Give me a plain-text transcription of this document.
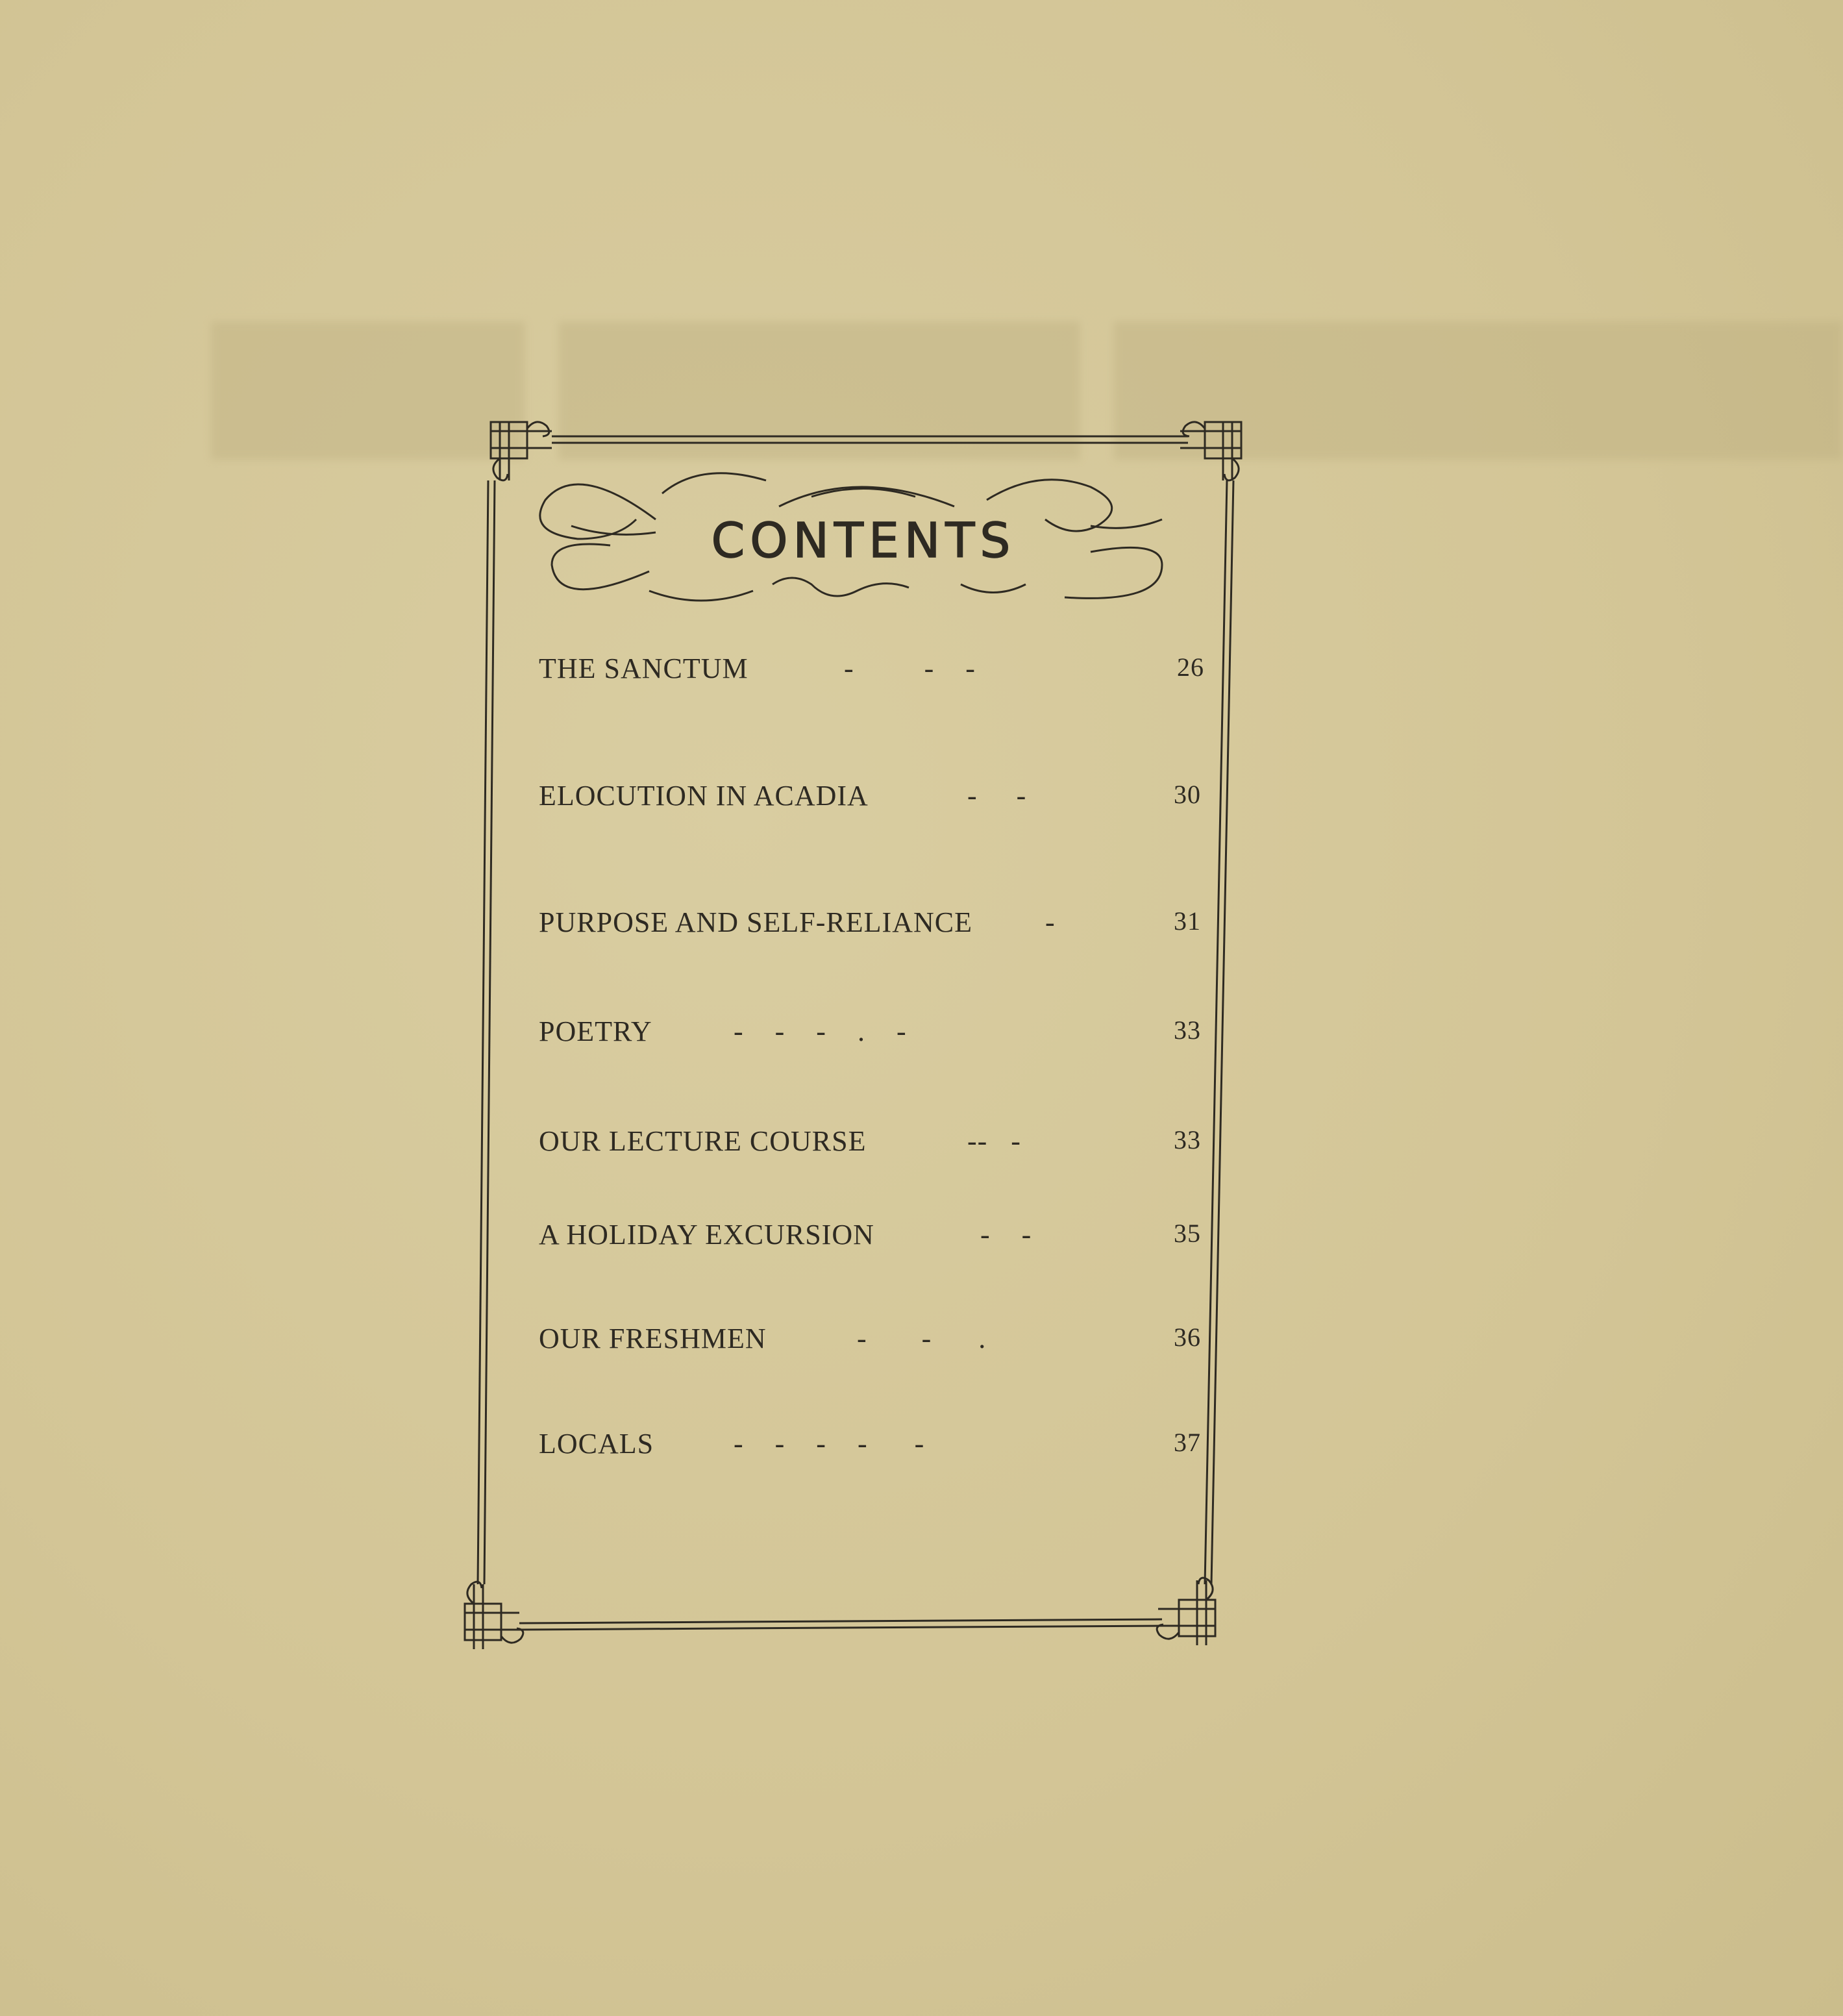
▇▇▇ ▇▇▇▇▇ ▇▇▇▇▇▇▇
CONTENTS
THE SANCTUM	-         -    -	26
ELOCUTION IN ACADIA	-     -	30
PURPOSE AND SELF-RELIANCE	-	31
POETRY	-    -    -    .    -	33
OUR LECTURE COURSE	--   -	33
A HOLIDAY EXCURSION	-    -	35
OUR FRESHMEN	-       -      .	36
LOCALS	-    -    -    -      -	37
